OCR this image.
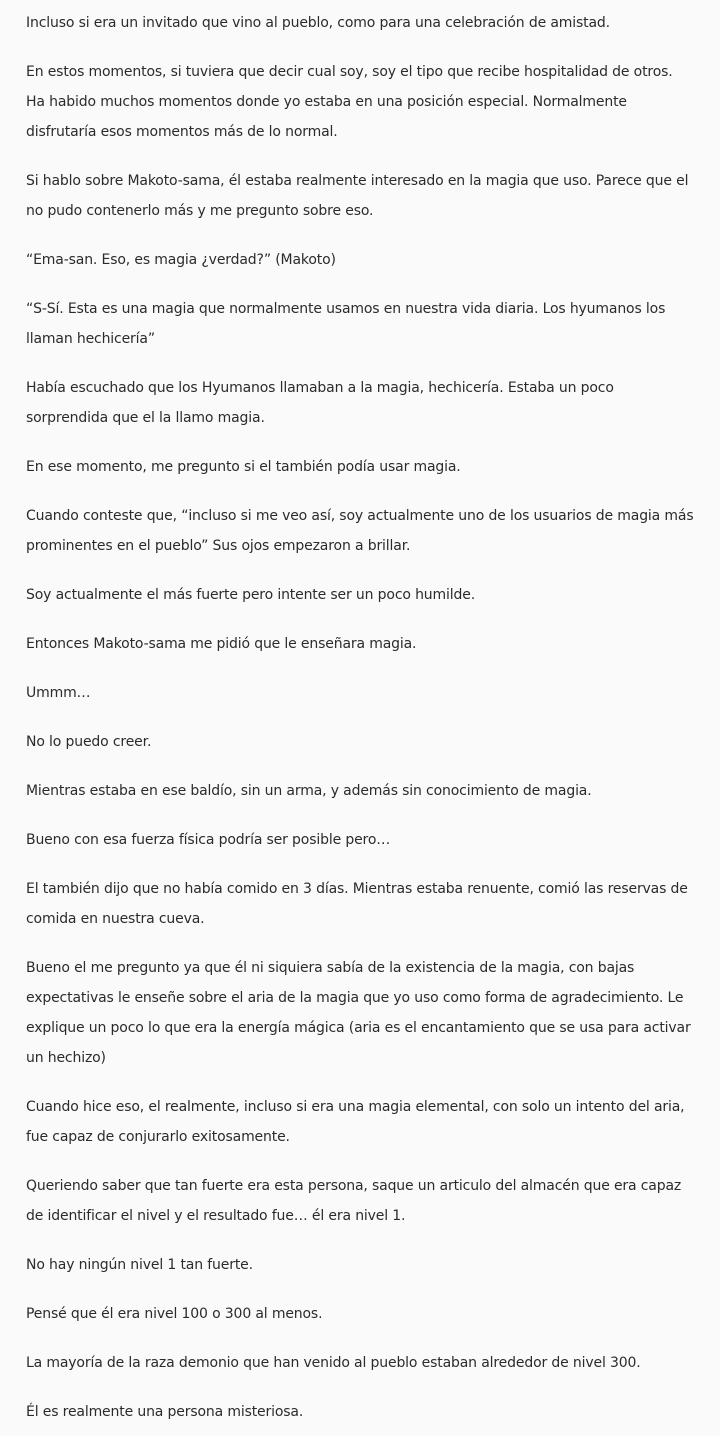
Incluso si era un invitado que vino al pueblo, como para una celebración de amistad.

En estos momentos, si tuviera que decir cual soy, soy el tipo que recibe hospitalidad de otros. Ha habido muchos momentos donde yo estaba en una posición especial. Normalmente disfrutaría esos momentos más de lo normal.

Si hablo sobre Makoto-sama, él estaba realmente interesado en la magia que uso. Parece que el no pudo contenerlo más y me pregunto sobre eso.

“Ema-san. Eso, es magia ¿verdad?” (Makoto)

“S-Sí. Esta es una magia que normalmente usamos en nuestra vida diaria. Los hyumanos los llaman hechicería”

Había escuchado que los Hyumanos llamaban a la magia, hechicería. Estaba un poco sorprendida que el la llamo magia.

En ese momento, me pregunto si el también podía usar magia.

Cuando conteste que, “incluso si me veo así, soy actualmente uno de los usuarios de magia más prominentes en el pueblo” Sus ojos empezaron a brillar.

Soy actualmente el más fuerte pero intente ser un poco humilde.

Entonces Makoto-sama me pidió que le enseñara magia.

Ummm…

No lo puedo creer.

Mientras estaba en ese baldío, sin un arma, y además sin conocimiento de magia.

Bueno con esa fuerza física podría ser posible pero…

El también dijo que no había comido en 3 días. Mientras estaba renuente, comió las reservas de comida en nuestra cueva.

Bueno el me pregunto ya que él ni siquiera sabía de la existencia de la magia, con bajas expectativas le enseñe sobre el aria de la magia que yo uso como forma de agradecimiento. Le explique un poco lo que era la energía mágica (aria es el encantamiento que se usa para activar un hechizo)

Cuando hice eso, el realmente, incluso si era una magia elemental, con solo un intento del aria, fue capaz de conjurarlo exitosamente.

Queriendo saber que tan fuerte era esta persona, saque un articulo del almacén que era capaz de identificar el nivel y el resultado fue… él era nivel 1.

No hay ningún nivel 1 tan fuerte.

Pensé que él era nivel 100 o 300 al menos.

La mayoría de la raza demonio que han venido al pueblo estaban alrededor de nivel 300.

Él es realmente una persona misteriosa.
